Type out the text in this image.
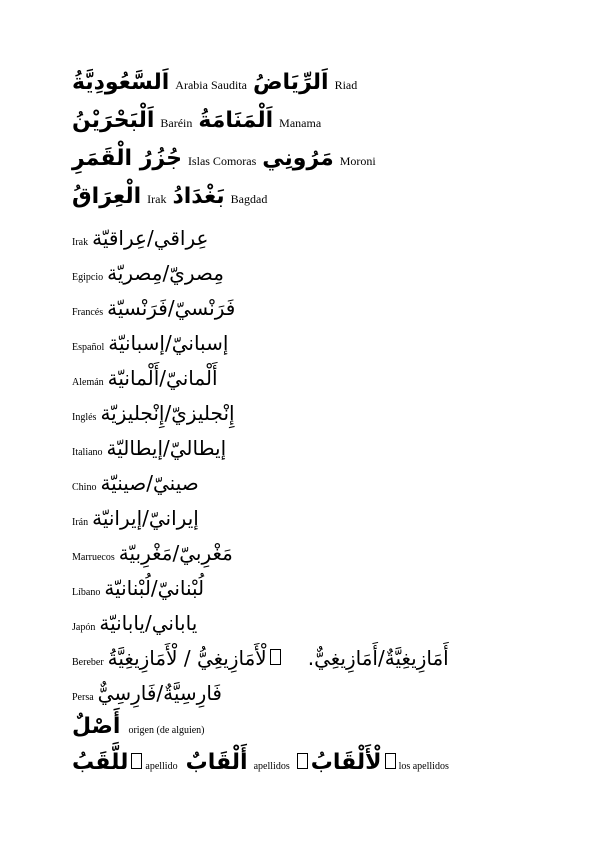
اَلسَّعُودِيَّةُ Arabia Saudita اَلرِّيَاضُ Riad
اَلْبَحْرَيْنُ Baréin اَلْمَنَامَةُ Manama
جُزُرُ الْقَمَرِ Islas Comoras مَرُونِي Moroni
الْعِرَاقُ Irak بَغْدَادُ Bagdad
Irak عِراقي/عِراقيّة
Egipcio مِصريّ/مِصريّة
Francés فَرَنْسيّ/فَرَنْسيّة
Español إسبانيّ/إسبانيّة
Alemán أَلْمانيّ/أَلْمانيّة
Inglés إِنْجليزيّ/إِنْجليزيّة
Italiano إيطاليّ/إيطاليّة
Chino صينيّ/صينيّة
Irán إيرانيّ/إيرانيّة
Marruecos مَغْرِبيّ/مَغْرِبيّة
Líbano لُبْنانيّ/لُبْنانيّة
Japón ياباني/يابانيّة
Bereber لْأَمَازِيغِيُّ / لْأَمَازِيغِيَّةُ أَمَازِيغِيَّةٌ/أَمَازِيغِيٌّ.
Persa فَارِسِيَّةٌ/فَارِسِيٌّ
أَصْلٌ origen (de alguien)
للَّقَبُ apellido أَلْقَابٌ apellidos لْأَلْقَابُ los apellidos
